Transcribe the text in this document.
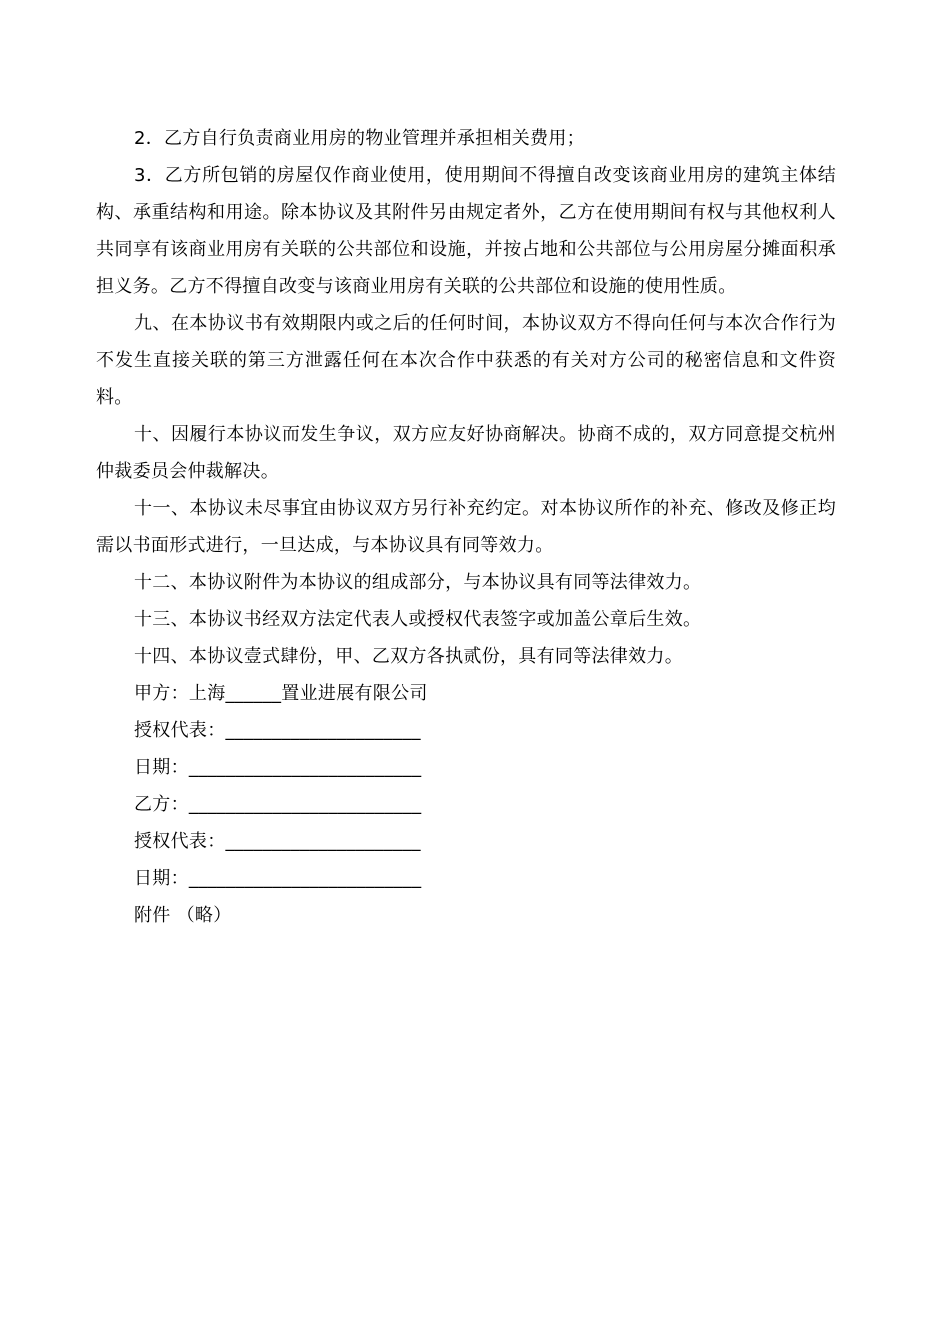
2．乙方自行负责商业用房的物业管理并承担相关费用；

3．乙方所包销的房屋仅作商业使用，使用期间不得擅自改变该商业用房的建筑主体结构、承重结构和用途。除本协议及其附件另由规定者外，乙方在使用期间有权与其他权利人共同享有该商业用房有关联的公共部位和设施，并按占地和公共部位与公用房屋分摊面积承担义务。乙方不得擅自改变与该商业用房有关联的公共部位和设施的使用性质。

九、在本协议书有效期限内或之后的任何时间，本协议双方不得向任何与本次合作行为不发生直接关联的第三方泄露任何在本次合作中获悉的有关对方公司的秘密信息和文件资料。

十、因履行本协议而发生争议，双方应友好协商解决。协商不成的，双方同意提交杭州仲裁委员会仲裁解决。

十一、本协议未尽事宜由协议双方另行补充约定。对本协议所作的补充、修改及修正均需以书面形式进行，一旦达成，与本协议具有同等效力。

十二、本协议附件为本协议的组成部分，与本协议具有同等法律效力。

十三、本协议书经双方法定代表人或授权代表签字或加盖公章后生效。

十四、本协议壹式肆份，甲、乙双方各执贰份，具有同等法律效力。

甲方：上海______置业进展有限公司

授权代表：_____________________

日期：_________________________

乙方：_________________________

授权代表：_____________________

日期：_________________________

附件 （略）
